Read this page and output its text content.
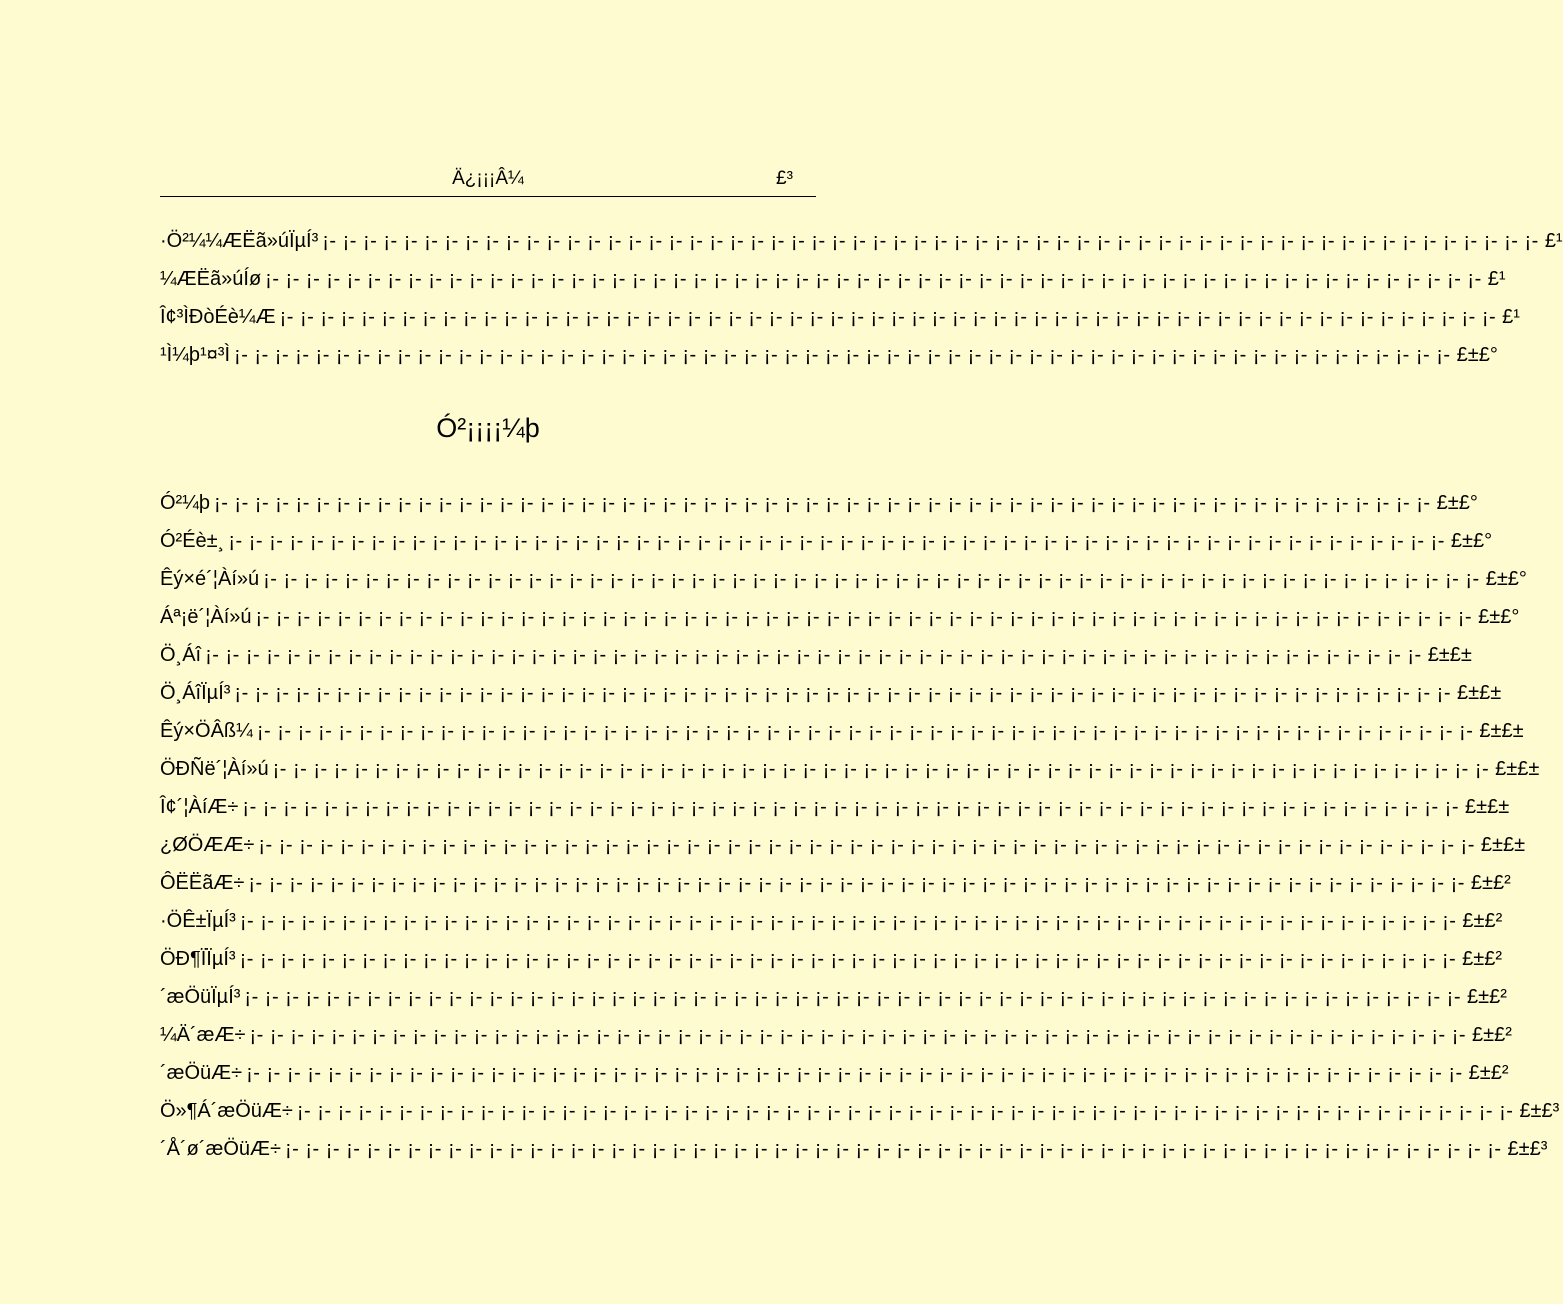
Ä¿¡¡¡Â¼	£³
·Ö²¼¼ÆËã»úÏµÍ³ ¡- ¡- ¡- ¡- ¡- ¡- ¡- ¡- ¡- ¡- ¡- ¡- ¡- ¡- ¡- ¡- ¡- ¡- ¡- ¡- ¡- ¡- ¡- ¡- ¡- ¡- ¡- ¡- ¡- ¡- ¡- ¡- ¡- ¡- ¡- ¡- ¡- ¡- ¡- ¡- ¡- ¡- ¡- ¡- ¡- ¡- ¡- ¡- ¡- ¡- ¡- ¡- ¡- ¡- ¡- ¡- ¡- ¡- ¡- ¡- £¹
¼ÆËã»úÍø ¡- ¡- ¡- ¡- ¡- ¡- ¡- ¡- ¡- ¡- ¡- ¡- ¡- ¡- ¡- ¡- ¡- ¡- ¡- ¡- ¡- ¡- ¡- ¡- ¡- ¡- ¡- ¡- ¡- ¡- ¡- ¡- ¡- ¡- ¡- ¡- ¡- ¡- ¡- ¡- ¡- ¡- ¡- ¡- ¡- ¡- ¡- ¡- ¡- ¡- ¡- ¡- ¡- ¡- ¡- ¡- ¡- ¡- ¡- ¡- £¹
Î¢³ÌÐòÉè¼Æ ¡- ¡- ¡- ¡- ¡- ¡- ¡- ¡- ¡- ¡- ¡- ¡- ¡- ¡- ¡- ¡- ¡- ¡- ¡- ¡- ¡- ¡- ¡- ¡- ¡- ¡- ¡- ¡- ¡- ¡- ¡- ¡- ¡- ¡- ¡- ¡- ¡- ¡- ¡- ¡- ¡- ¡- ¡- ¡- ¡- ¡- ¡- ¡- ¡- ¡- ¡- ¡- ¡- ¡- ¡- ¡- ¡- ¡- ¡- ¡- £¹
¹Ì¼þ¹¤³Ì ¡- ¡- ¡- ¡- ¡- ¡- ¡- ¡- ¡- ¡- ¡- ¡- ¡- ¡- ¡- ¡- ¡- ¡- ¡- ¡- ¡- ¡- ¡- ¡- ¡- ¡- ¡- ¡- ¡- ¡- ¡- ¡- ¡- ¡- ¡- ¡- ¡- ¡- ¡- ¡- ¡- ¡- ¡- ¡- ¡- ¡- ¡- ¡- ¡- ¡- ¡- ¡- ¡- ¡- ¡- ¡- ¡- ¡- ¡- ¡- £±£°
Ó²¡¡¡¡¼þ
Ó²¼þ ¡- ¡- ¡- ¡- ¡- ¡- ¡- ¡- ¡- ¡- ¡- ¡- ¡- ¡- ¡- ¡- ¡- ¡- ¡- ¡- ¡- ¡- ¡- ¡- ¡- ¡- ¡- ¡- ¡- ¡- ¡- ¡- ¡- ¡- ¡- ¡- ¡- ¡- ¡- ¡- ¡- ¡- ¡- ¡- ¡- ¡- ¡- ¡- ¡- ¡- ¡- ¡- ¡- ¡- ¡- ¡- ¡- ¡- ¡- ¡- £±£°
Ó²Éè±¸ ¡- ¡- ¡- ¡- ¡- ¡- ¡- ¡- ¡- ¡- ¡- ¡- ¡- ¡- ¡- ¡- ¡- ¡- ¡- ¡- ¡- ¡- ¡- ¡- ¡- ¡- ¡- ¡- ¡- ¡- ¡- ¡- ¡- ¡- ¡- ¡- ¡- ¡- ¡- ¡- ¡- ¡- ¡- ¡- ¡- ¡- ¡- ¡- ¡- ¡- ¡- ¡- ¡- ¡- ¡- ¡- ¡- ¡- ¡- ¡- £±£°
Êý×é´¦Àí»ú ¡- ¡- ¡- ¡- ¡- ¡- ¡- ¡- ¡- ¡- ¡- ¡- ¡- ¡- ¡- ¡- ¡- ¡- ¡- ¡- ¡- ¡- ¡- ¡- ¡- ¡- ¡- ¡- ¡- ¡- ¡- ¡- ¡- ¡- ¡- ¡- ¡- ¡- ¡- ¡- ¡- ¡- ¡- ¡- ¡- ¡- ¡- ¡- ¡- ¡- ¡- ¡- ¡- ¡- ¡- ¡- ¡- ¡- ¡- ¡- £±£°
Áª¡ë´¦Àí»ú ¡- ¡- ¡- ¡- ¡- ¡- ¡- ¡- ¡- ¡- ¡- ¡- ¡- ¡- ¡- ¡- ¡- ¡- ¡- ¡- ¡- ¡- ¡- ¡- ¡- ¡- ¡- ¡- ¡- ¡- ¡- ¡- ¡- ¡- ¡- ¡- ¡- ¡- ¡- ¡- ¡- ¡- ¡- ¡- ¡- ¡- ¡- ¡- ¡- ¡- ¡- ¡- ¡- ¡- ¡- ¡- ¡- ¡- ¡- ¡- £±£°
Ö¸Áî ¡- ¡- ¡- ¡- ¡- ¡- ¡- ¡- ¡- ¡- ¡- ¡- ¡- ¡- ¡- ¡- ¡- ¡- ¡- ¡- ¡- ¡- ¡- ¡- ¡- ¡- ¡- ¡- ¡- ¡- ¡- ¡- ¡- ¡- ¡- ¡- ¡- ¡- ¡- ¡- ¡- ¡- ¡- ¡- ¡- ¡- ¡- ¡- ¡- ¡- ¡- ¡- ¡- ¡- ¡- ¡- ¡- ¡- ¡- ¡- £±£±
Ö¸ÁîÏµÍ³ ¡- ¡- ¡- ¡- ¡- ¡- ¡- ¡- ¡- ¡- ¡- ¡- ¡- ¡- ¡- ¡- ¡- ¡- ¡- ¡- ¡- ¡- ¡- ¡- ¡- ¡- ¡- ¡- ¡- ¡- ¡- ¡- ¡- ¡- ¡- ¡- ¡- ¡- ¡- ¡- ¡- ¡- ¡- ¡- ¡- ¡- ¡- ¡- ¡- ¡- ¡- ¡- ¡- ¡- ¡- ¡- ¡- ¡- ¡- ¡- £±£±
Êý×ÖÂß¼ ¡- ¡- ¡- ¡- ¡- ¡- ¡- ¡- ¡- ¡- ¡- ¡- ¡- ¡- ¡- ¡- ¡- ¡- ¡- ¡- ¡- ¡- ¡- ¡- ¡- ¡- ¡- ¡- ¡- ¡- ¡- ¡- ¡- ¡- ¡- ¡- ¡- ¡- ¡- ¡- ¡- ¡- ¡- ¡- ¡- ¡- ¡- ¡- ¡- ¡- ¡- ¡- ¡- ¡- ¡- ¡- ¡- ¡- ¡- ¡- £±£±
ÖÐÑë´¦Àí»ú ¡- ¡- ¡- ¡- ¡- ¡- ¡- ¡- ¡- ¡- ¡- ¡- ¡- ¡- ¡- ¡- ¡- ¡- ¡- ¡- ¡- ¡- ¡- ¡- ¡- ¡- ¡- ¡- ¡- ¡- ¡- ¡- ¡- ¡- ¡- ¡- ¡- ¡- ¡- ¡- ¡- ¡- ¡- ¡- ¡- ¡- ¡- ¡- ¡- ¡- ¡- ¡- ¡- ¡- ¡- ¡- ¡- ¡- ¡- ¡- £±£±
Î¢´¦ÀíÆ÷ ¡- ¡- ¡- ¡- ¡- ¡- ¡- ¡- ¡- ¡- ¡- ¡- ¡- ¡- ¡- ¡- ¡- ¡- ¡- ¡- ¡- ¡- ¡- ¡- ¡- ¡- ¡- ¡- ¡- ¡- ¡- ¡- ¡- ¡- ¡- ¡- ¡- ¡- ¡- ¡- ¡- ¡- ¡- ¡- ¡- ¡- ¡- ¡- ¡- ¡- ¡- ¡- ¡- ¡- ¡- ¡- ¡- ¡- ¡- ¡- £±£±
¿ØÖÆÆ÷ ¡- ¡- ¡- ¡- ¡- ¡- ¡- ¡- ¡- ¡- ¡- ¡- ¡- ¡- ¡- ¡- ¡- ¡- ¡- ¡- ¡- ¡- ¡- ¡- ¡- ¡- ¡- ¡- ¡- ¡- ¡- ¡- ¡- ¡- ¡- ¡- ¡- ¡- ¡- ¡- ¡- ¡- ¡- ¡- ¡- ¡- ¡- ¡- ¡- ¡- ¡- ¡- ¡- ¡- ¡- ¡- ¡- ¡- ¡- ¡- £±£±
ÔËËãÆ÷ ¡- ¡- ¡- ¡- ¡- ¡- ¡- ¡- ¡- ¡- ¡- ¡- ¡- ¡- ¡- ¡- ¡- ¡- ¡- ¡- ¡- ¡- ¡- ¡- ¡- ¡- ¡- ¡- ¡- ¡- ¡- ¡- ¡- ¡- ¡- ¡- ¡- ¡- ¡- ¡- ¡- ¡- ¡- ¡- ¡- ¡- ¡- ¡- ¡- ¡- ¡- ¡- ¡- ¡- ¡- ¡- ¡- ¡- ¡- ¡- £±£²
·ÖÊ±ÏµÍ³ ¡- ¡- ¡- ¡- ¡- ¡- ¡- ¡- ¡- ¡- ¡- ¡- ¡- ¡- ¡- ¡- ¡- ¡- ¡- ¡- ¡- ¡- ¡- ¡- ¡- ¡- ¡- ¡- ¡- ¡- ¡- ¡- ¡- ¡- ¡- ¡- ¡- ¡- ¡- ¡- ¡- ¡- ¡- ¡- ¡- ¡- ¡- ¡- ¡- ¡- ¡- ¡- ¡- ¡- ¡- ¡- ¡- ¡- ¡- ¡- £±£²
ÖÐ¶ÏÏµÍ³ ¡- ¡- ¡- ¡- ¡- ¡- ¡- ¡- ¡- ¡- ¡- ¡- ¡- ¡- ¡- ¡- ¡- ¡- ¡- ¡- ¡- ¡- ¡- ¡- ¡- ¡- ¡- ¡- ¡- ¡- ¡- ¡- ¡- ¡- ¡- ¡- ¡- ¡- ¡- ¡- ¡- ¡- ¡- ¡- ¡- ¡- ¡- ¡- ¡- ¡- ¡- ¡- ¡- ¡- ¡- ¡- ¡- ¡- ¡- ¡- £±£²
´æÖüÏµÍ³ ¡- ¡- ¡- ¡- ¡- ¡- ¡- ¡- ¡- ¡- ¡- ¡- ¡- ¡- ¡- ¡- ¡- ¡- ¡- ¡- ¡- ¡- ¡- ¡- ¡- ¡- ¡- ¡- ¡- ¡- ¡- ¡- ¡- ¡- ¡- ¡- ¡- ¡- ¡- ¡- ¡- ¡- ¡- ¡- ¡- ¡- ¡- ¡- ¡- ¡- ¡- ¡- ¡- ¡- ¡- ¡- ¡- ¡- ¡- ¡- £±£²
¼Ä´æÆ÷ ¡- ¡- ¡- ¡- ¡- ¡- ¡- ¡- ¡- ¡- ¡- ¡- ¡- ¡- ¡- ¡- ¡- ¡- ¡- ¡- ¡- ¡- ¡- ¡- ¡- ¡- ¡- ¡- ¡- ¡- ¡- ¡- ¡- ¡- ¡- ¡- ¡- ¡- ¡- ¡- ¡- ¡- ¡- ¡- ¡- ¡- ¡- ¡- ¡- ¡- ¡- ¡- ¡- ¡- ¡- ¡- ¡- ¡- ¡- ¡- £±£²
´æÖüÆ÷ ¡- ¡- ¡- ¡- ¡- ¡- ¡- ¡- ¡- ¡- ¡- ¡- ¡- ¡- ¡- ¡- ¡- ¡- ¡- ¡- ¡- ¡- ¡- ¡- ¡- ¡- ¡- ¡- ¡- ¡- ¡- ¡- ¡- ¡- ¡- ¡- ¡- ¡- ¡- ¡- ¡- ¡- ¡- ¡- ¡- ¡- ¡- ¡- ¡- ¡- ¡- ¡- ¡- ¡- ¡- ¡- ¡- ¡- ¡- ¡- £±£²
Ö»¶Á´æÖüÆ÷ ¡- ¡- ¡- ¡- ¡- ¡- ¡- ¡- ¡- ¡- ¡- ¡- ¡- ¡- ¡- ¡- ¡- ¡- ¡- ¡- ¡- ¡- ¡- ¡- ¡- ¡- ¡- ¡- ¡- ¡- ¡- ¡- ¡- ¡- ¡- ¡- ¡- ¡- ¡- ¡- ¡- ¡- ¡- ¡- ¡- ¡- ¡- ¡- ¡- ¡- ¡- ¡- ¡- ¡- ¡- ¡- ¡- ¡- ¡- ¡- £±£³
´Å´ø´æÖüÆ÷ ¡- ¡- ¡- ¡- ¡- ¡- ¡- ¡- ¡- ¡- ¡- ¡- ¡- ¡- ¡- ¡- ¡- ¡- ¡- ¡- ¡- ¡- ¡- ¡- ¡- ¡- ¡- ¡- ¡- ¡- ¡- ¡- ¡- ¡- ¡- ¡- ¡- ¡- ¡- ¡- ¡- ¡- ¡- ¡- ¡- ¡- ¡- ¡- ¡- ¡- ¡- ¡- ¡- ¡- ¡- ¡- ¡- ¡- ¡- ¡- £±£³
